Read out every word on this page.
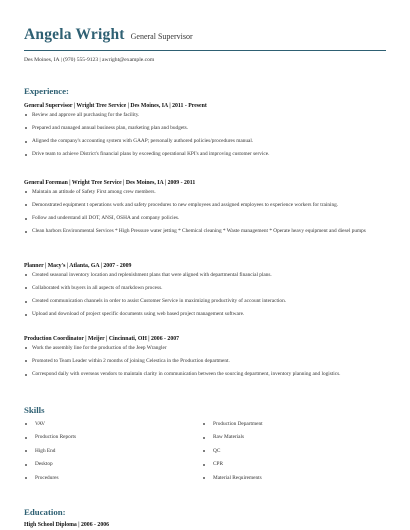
Angela Wright General Supervisor
Des Moines, IA | (970) 555-9123 | awright@example.com
Experience:
General Supervisor | Wright Tree Service | Des Moines, IA | 2011 - Present
Review and approve all purchasing for the facility.
Prepared and managed annual business plan, marketing plan and budgets.
Aligned the company's accounting system with GAAP; personally authored policies/procedures manual.
Drive team to achieve District's financial plans by exceeding operational KPI's and improving customer service.
General Foreman | Wright Tree Service | Des Moines, IA | 2009 - 2011
Maintain an attitude of Safety First among crew members.
Demonstrated equipment t operations work and safety procedures to new employees and assigned employees to experience workers for training.
Follow and understand all DOT, ANSI, OSHA and company policies.
Clean harbors Environmental Services * High Pressure water jetting * Chemical cleaning * Waste management * Operate heavy equipment and diesel pumps
Planner | Macy's | Atlanta, GA | 2007 - 2009
Created seasonal inventory location and replenishment plans that were aligned with departmental financial plans.
Collaborated with buyers in all aspects of markdown process.
Created communication channels in order to assist Customer Service in maximizing productivity of account interaction.
Upload and download of project specific documents using web based project management software.
Production Coordinator | Meijer | Cincinnati, OH | 2006 - 2007
Work the assembly line for the production of the Jeep Wrangler
Promoted to Team Leader within 2 months of joining Celestica in the Production department.
Correspond daily with overseas vendors to maintain clarity in communication between the sourcing department, inventory planning and logistics.
Skills
VAV
Production Reports
High End
Desktop
Procedures
Production Department
Raw Materials
QC
CPR
Material Requirements
Education:
High School Diploma | 2006 - 2006
